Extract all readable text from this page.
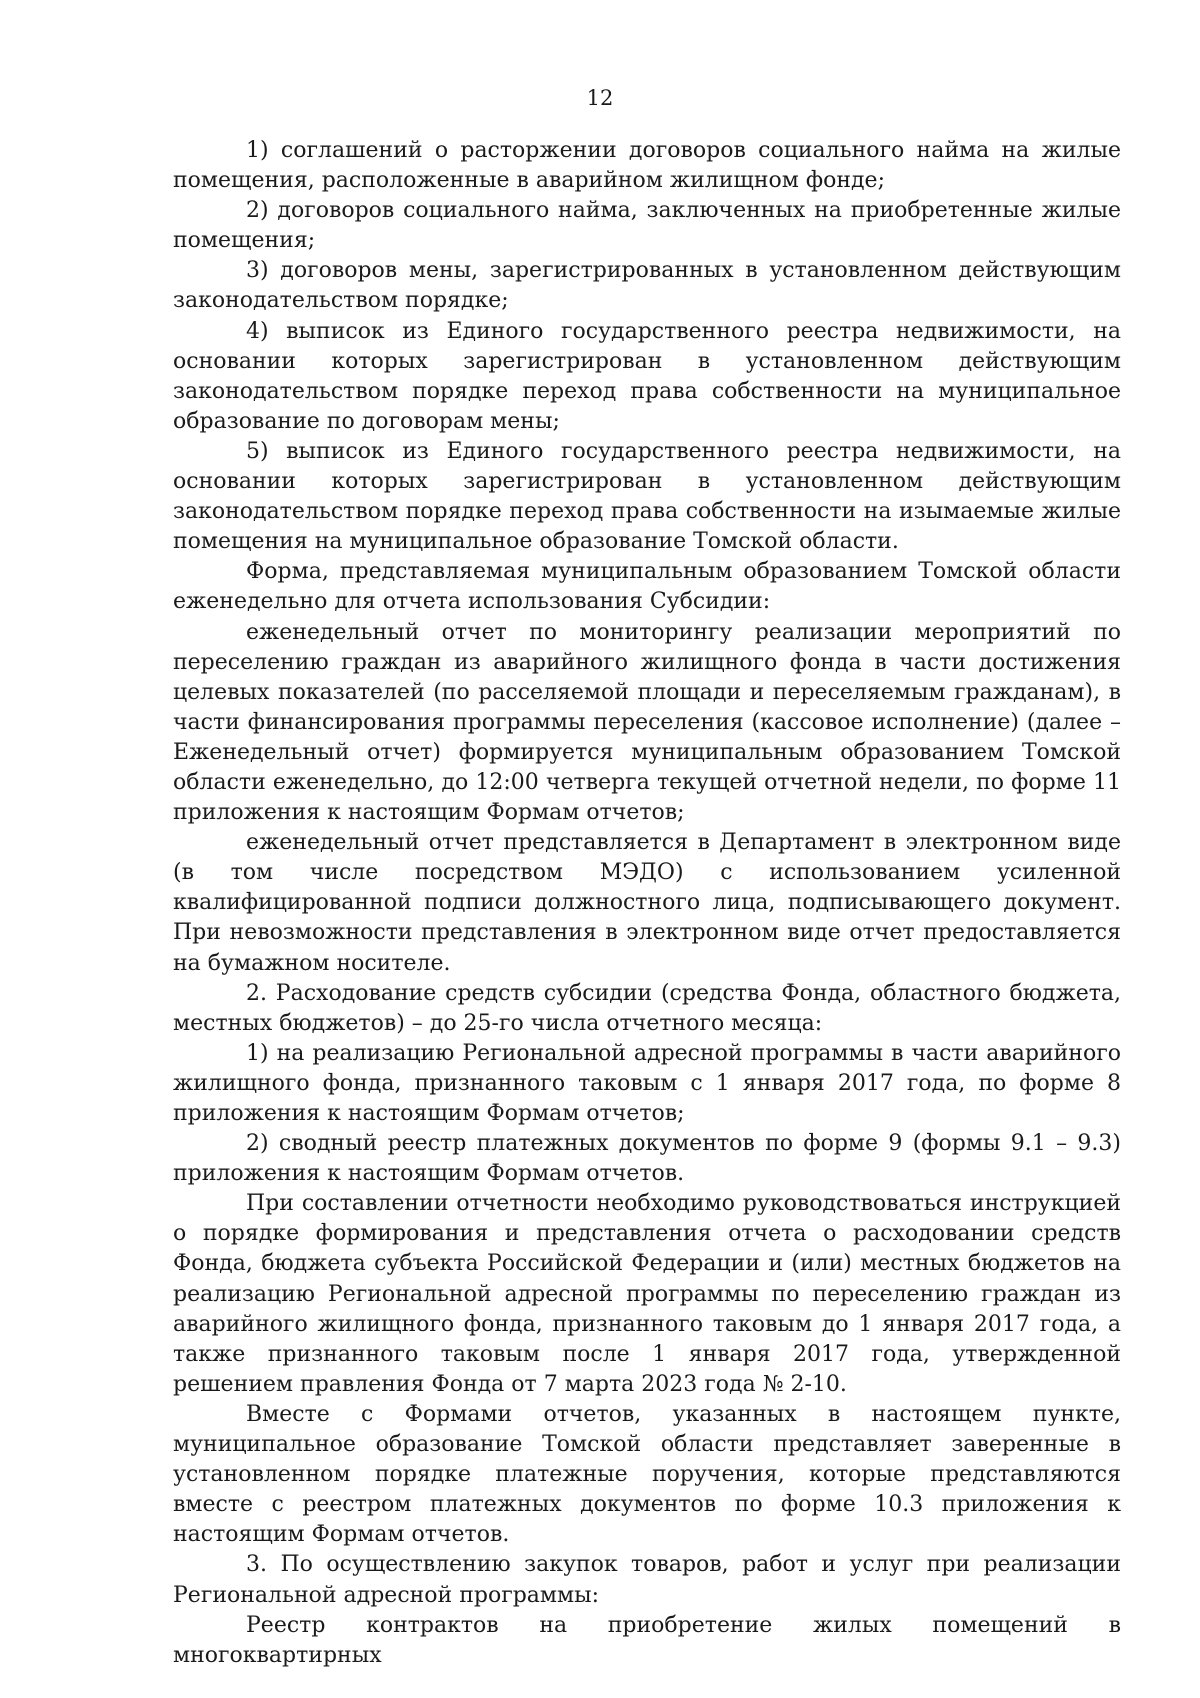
12

1) соглашений о расторжении договоров социального найма на жилые помещения, расположенные в аварийном жилищном фонде;

2) договоров социального найма, заключенных на приобретенные жилые помещения;

3) договоров мены, зарегистрированных в установленном действующим законодательством порядке;

4) выписок из Единого государственного реестра недвижимости, на основании которых зарегистрирован в установленном действующим законодательством порядке переход права собственности на муниципальное образование по договорам мены;

5) выписок из Единого государственного реестра недвижимости, на основании которых зарегистрирован в установленном действующим законодательством порядке переход права собственности на изымаемые жилые помещения на муниципальное образование Томской области.

Форма, представляемая муниципальным образованием Томской области еженедельно для отчета использования Субсидии:

еженедельный отчет по мониторингу реализации мероприятий по переселению граждан из аварийного жилищного фонда в части достижения целевых показателей (по расселяемой площади и переселяемым гражданам), в части финансирования программы переселения (кассовое исполнение) (далее – Еженедельный отчет) формируется муниципальным образованием Томской области еженедельно, до 12:00 четверга текущей отчетной недели, по форме 11 приложения к настоящим Формам отчетов;

еженедельный отчет представляется в Департамент в электронном виде (в том числе посредством МЭДО) с использованием усиленной квалифицированной подписи должностного лица, подписывающего документ. При невозможности представления в электронном виде отчет предоставляется на бумажном носителе.

2. Расходование средств субсидии (средства Фонда, областного бюджета, местных бюджетов) – до 25-го числа отчетного месяца:

1) на реализацию Региональной адресной программы в части аварийного жилищного фонда, признанного таковым с 1 января 2017 года, по форме 8 приложения к настоящим Формам отчетов;

2) сводный реестр платежных документов по форме 9 (формы 9.1 – 9.3) приложения к настоящим Формам отчетов.

При составлении отчетности необходимо руководствоваться инструкцией о порядке формирования и представления отчета о расходовании средств Фонда, бюджета субъекта Российской Федерации и (или) местных бюджетов на реализацию Региональной адресной программы по переселению граждан из аварийного жилищного фонда, признанного таковым до 1 января 2017 года, а также признанного таковым после 1 января 2017 года, утвержденной решением правления Фонда от 7 марта 2023 года № 2-10.

Вместе с Формами отчетов, указанных в настоящем пункте, муниципальное образование Томской области представляет заверенные в установленном порядке платежные поручения, которые представляются вместе с реестром платежных документов по форме 10.3 приложения к настоящим Формам отчетов.

3. По осуществлению закупок товаров, работ и услуг при реализации Региональной адресной программы:

Реестр контрактов на приобретение жилых помещений в многоквартирных
